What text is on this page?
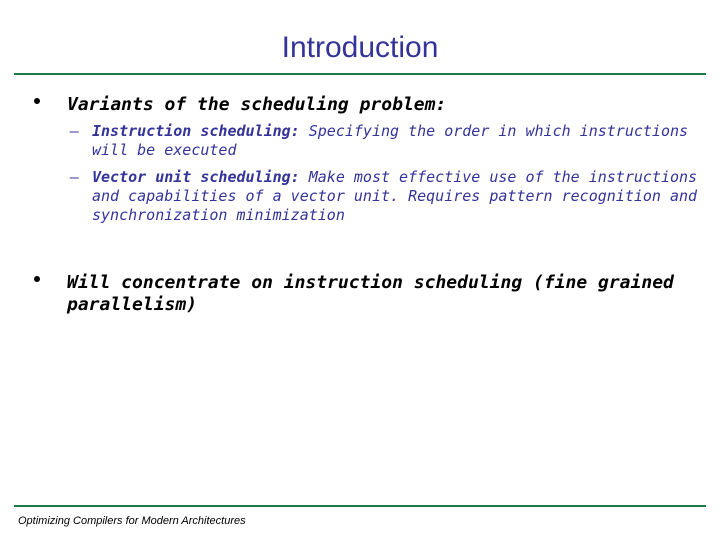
Introduction
Variants of the scheduling problem:
— Instruction scheduling: Specifying the order in which instructions will be executed
— Vector unit scheduling: Make most effective use of the instructions and capabilities of a vector unit. Requires pattern recognition and synchronization minimization
Will concentrate on instruction scheduling (fine grained parallelism)
Optimizing Compilers for Modern Architectures
